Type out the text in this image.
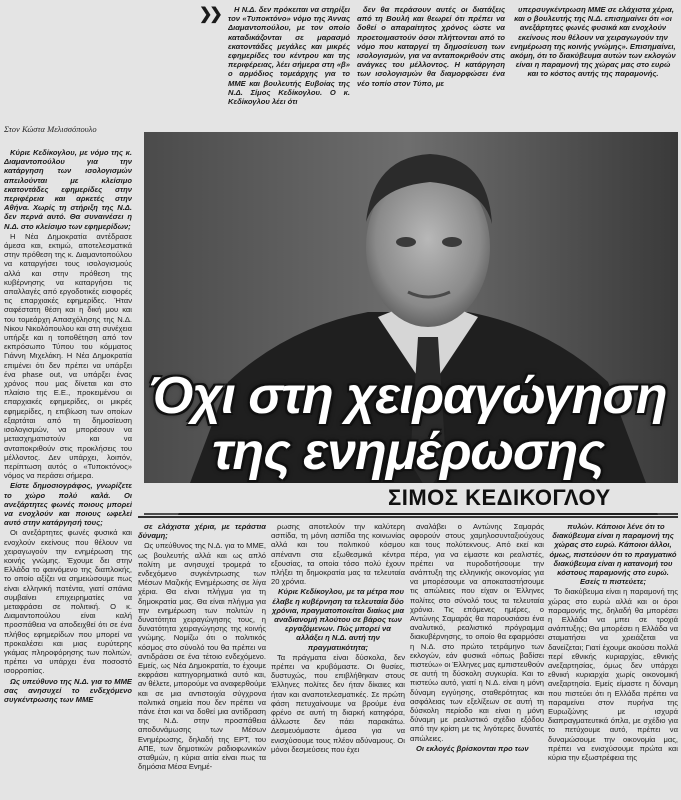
❯❯	Η Ν.Δ. δεν πρόκειται να στηρίξει τον «Τυποκτόνο» νόμο της Άννας Διαμαντοπούλου, με τον οποίο καταδικάζονται σε μαρασμό εκατοντάδες μεγάλες και μικρές εφημερίδες του κέντρου και της περιφέρειας, λέει σήμερα στη «β» ο αρμόδιος τομεάρχης για το ΜΜΕ και βουλευτής Ευβοίας της Ν.Δ. Σίμος Κεδίκογλου. Ο κ. Κεδίκογλου λέει ότι

δεν θα περάσουν αυτές οι διατάξεις από τη Βουλή και θεωρεί ότι πρέπει να δοθεί ο απαραίτητος χρόνος ώστε να προετοιμαστούν όσοι πλήττονται από το νόμο που καταργεί τη δημοσίευση των ισολογισμών, για να ανταποκριθούν στις ανάγκες του μέλλοντος. Η κατάργηση των ισολογισμών θα διαμορφώσει ένα νέο τοπίο στον Τύπο, με

υπερσυγκέντρωση ΜΜΕ σε ελάχιστα χέρια, και ο βουλευτής της Ν.Δ. επισημαίνει ότι «οι ανεξάρτητες φωνές φυσικά και ενοχλούν εκείνους που θέλουν να χειραγωγούν την ενημέρωση της κοινής γνώμης». Επισημαίνει, ακόμη, ότι το διακύβευμα αυτών των εκλογών είναι η παραμονή της χώρας μας στο ευρώ και το κόστος αυτής της παραμονής.

Στον Κώστα Μελισσόπουλο

Κύριε Κεδίκογλου, με νόμο της κ. Διαμαντοπούλου για την κατάργηση των ισολογισμών απειλούνται με κλείσιμο εκατοντάδες εφημερίδες στην περιφέρεια και αρκετές στην Αθήνα. Χωρίς τη στήριξη της Ν.Δ. δεν περνά αυτό. Θα συναινέσει η Ν.Δ. στο κλείσιμο των εφημερίδων;

Η Νέα Δημοκρατία αντέδρασε άμεσα και, εκτιμώ, αποτελεσματικά στην πρόθεση της κ. Διαμαντοπούλου να καταργήσει τους ισολογισμούς αλλά και στην πρόθεση της κυβέρνησης να καταργήσει τις απαλλαγές από εργοδοτικές εισφορές τις επαρχιακές εφημερίδες. Ήταν σαφέστατη θέση και η δική μου και του τομεάρχη Απασχόλησης της Ν.Δ. Νίκου Νικολόπουλου και στη συνέχεια υπήρξε και η τοποθέτηση από τον εκπρόσωπο Τύπου του κόμματος Γιάννη Μιχελάκη. Η Νέα Δημοκρατία επιμένει ότι δεν πρέπει να υπάρξει ένα phase out, να υπάρξει ένας χρόνος που μας δίνεται και στο πλαίσιο της Ε.Ε., προκειμένου οι επαρχιακές εφημερίδες, οι μικρές εφημερίδες, η επιβίωση των οποίων εξαρτάται από τη δημοσίευση ισολογισμών, να μπορέσουν να μετασχηματιστούν και να ανταποκριθούν στις προκλήσεις του μέλλοντος. Δεν υπάρχει, λοιπόν, περίπτωση αυτός ο «Τυποκτόνος» νόμος να περάσει σήμερα.

Είστε δημοσιογράφος, γνωρίζετε το χώρο πολύ καλά. Οι ανεξάρτητες φωνές ποιους μπορεί να ενοχλούν και ποιους ωφελεί αυτό στην κατάργησή τους;

Οι ανεξάρτητες φωνές φυσικά και ενοχλούν εκείνους που θέλουν να χειραγωγούν την ενημέρωση της κοινής γνώμης. Έχουμε δει στην Ελλάδα το φαινόμενο της διαπλοκής, το οποίο αξίζει να σημειώσουμε πως είναι ελληνική πατέντα, γιατί σπάνια συμβαίνει επιχειρηματίες να μεταφράσει σε πολιτική. Ο κ. Διαμαντοπούλου είναι καλή προσπάθεια να αποδειχθεί ότι σε ένα πλήθος εφημερίδων που μπορεί να προκαλέσει και μιας ευρύτερης γκάμας πληροφόρησης των πολιτών, πρέπει να υπάρχει ένα ποσοστό ισορροπίας.

Ως υπεύθυνο της Ν.Δ. για το ΜΜΕ σας ανησυχεί το ενδεχόμενο συγκέντρωσης των ΜΜΕ

Όχι στη χειραγώγηση
της ενημέρωσης
ΣΙΜΟΣ ΚΕΔΙΚΟΓΛΟΥ

σε ελάχιστα χέρια, με τεράστια δύναμη;

Ως υπεύθυνος της Ν.Δ. για το ΜΜΕ, ως βουλευτής αλλά και ως απλό πολίτη με ανησυχεί τρομερά το ενδεχόμενο συγκέντρωσης των Μέσων Μαζικής Ενημέρωσης σε λίγα χέρια. Θα είναι πλήγμα για τη δημοκρατία μας. Θα είναι πλήγμα για την ενημέρωση των πολιτών η δυνατότητα χειραγώγησης τους, η δυνατότητα χειραγώγησης της κοινής γνώμης. Νομίζω ότι ο πολιτικός κόσμος στο σύνολό του θα πρέπει να αντιδράσει σε ένα τέτοιο ενδεχόμενο. Εμείς, ως Νέα Δημοκρατία, το έχουμε εκφράσει κατηγορηματικά αυτό και, αν θέλετε, μπορούμε να αναφερθούμε και σε μια αντιστοιχία σύγχρονα πολιτικά σημεία που δεν πρέπει να πάνε έτσι και να δοθεί μια αντίδραση της Ν.Δ. στην προσπάθεια αποδυνάμωσης των Μέσων Ενημέρωσης, δηλαδή της ΕΡΤ, του ΑΠΕ, των δημοτικών ραδιοφωνικών σταθμών, η κύρια αιτία είναι πως τα δημόσια Μέσα Ενημέ-

ρωσης αποτελούν την καλύτερη ασπίδα, τη μόνη ασπίδα της κοινωνίας αλλά και του πολιτικού κόσμου απέναντι στα εξωθεσμικά κέντρα εξουσίας, τα οποία τόσο πολύ έχουν πλήξει τη δημοκρατία μας τα τελευταία 20 χρόνια.

Κύριε Κεδίκογλου, με τα μέτρα που έλαβε η κυβέρνηση τα τελευταία δύο χρόνια, πραγματοποιείται διαίως μια αναδιανομή πλούτου σε βάρος των εργαζόμενων. Πώς μπορεί να αλλάξει η Ν.Δ. αυτή την πραγματικότητα;

Τα πράγματα είναι δύσκολα, δεν πρέπει να κρυβόμαστε. Οι θυσίες, δυστυχώς, που επιβλήθηκαν στους Έλληνες πολίτες δεν ήταν δίκαιες και ήταν και αναποτελεσματικές. Σε πρώτη φάση πετυχαίνουμε να βρούμε ένα φρένο σε αυτή τη διαρκή κατηφόρα, άλλωστε δεν πάει παρακάτω. Δεσμευόμαστε άμεσα για να ενισχύσουμε τους πλέον αδύναμους. Οι μόνοι δεσμεύσεις που έχει

αναλάβει ο Αντώνης Σαμαράς αφορούν στους χαμηλοσυνταξιούχους και τους πολύτεκνους. Από εκεί και πέρα, για να είμαστε και ρεαλιστές, πρέπει να πυροδοτήσουμε την ανάπτυξη της ελληνικής οικονομίας για να μπορέσουμε να αποκαταστήσουμε τις απώλειες που είχαν οι Έλληνες πολίτες στο σύνολό τους τα τελευταία χρόνια. Τις επόμενες ημέρες, ο Αντώνης Σαμαράς θα παρουσιάσει ένα αναλυτικό, ρεαλιστικό πρόγραμμα διακυβέρνησης, το οποίο θα εφαρμόσει η Ν.Δ. στο πρώτο τετράμηνο των εκλογών, εάν φυσικά «όπως βαδίσει πιστεύω» οι Έλληνες μας εμπιστευθούν σε αυτή τη δύσκολη συγκυρία. Και το πιστεύω αυτό, γιατί η Ν.Δ. είναι η μόνη δύναμη εγγύησης, σταθερότητας και ασφάλειας των εξελίξεων σε αυτή τη δύσκολη περίοδο και είναι η μόνη δύναμη με ρεαλιστικό σχέδιο εξόδου από την κρίση με τις λιγότερες δυνατές απώλειες.

Οι εκλογές βρίσκονται προ των

πυλών. Κάποιοι λένε ότι το διακύβευμα είναι η παραμονή της χώρας στο ευρώ. Κάποιοι άλλοι, όμως, πιστεύουν ότι το πραγματικό διακύβευμα είναι η κατανομή του κόστους παραμονής στο ευρώ. Εσείς τι πιστεύετε;

Το διακύβευμα είναι η παραμονή της χώρας στο ευρώ αλλά και οι όροι παραμονής της, δηλαδή θα μπορέσει η Ελλάδα να μπει σε τροχιά ανάπτυξης; Θα μπορέσει η Ελλάδα να σταματήσει να χρειάζεται να δανείζεται; Γιατί έχουμε ακούσει πολλά περί εθνικής κυριαρχίας, εθνικής ανεξαρτησίας, όμως δεν υπάρχει εθνική κυριαρχία χωρίς οικονομική ανεξαρτησία. Εμείς είμαστε η δύναμη που πιστεύει ότι η Ελλάδα πρέπει να παραμείνει στον πυρήνα της Ευρωζώνης με ισχυρά διαπραγματευτικά όπλα, με σχέδιο για το πετύχουμε αυτό, πρέπει να δυναμώσουμε την οικονομία μας, πρέπει να ενισχύσουμε πρώτα και κύρια την εξωστρέφεια της
